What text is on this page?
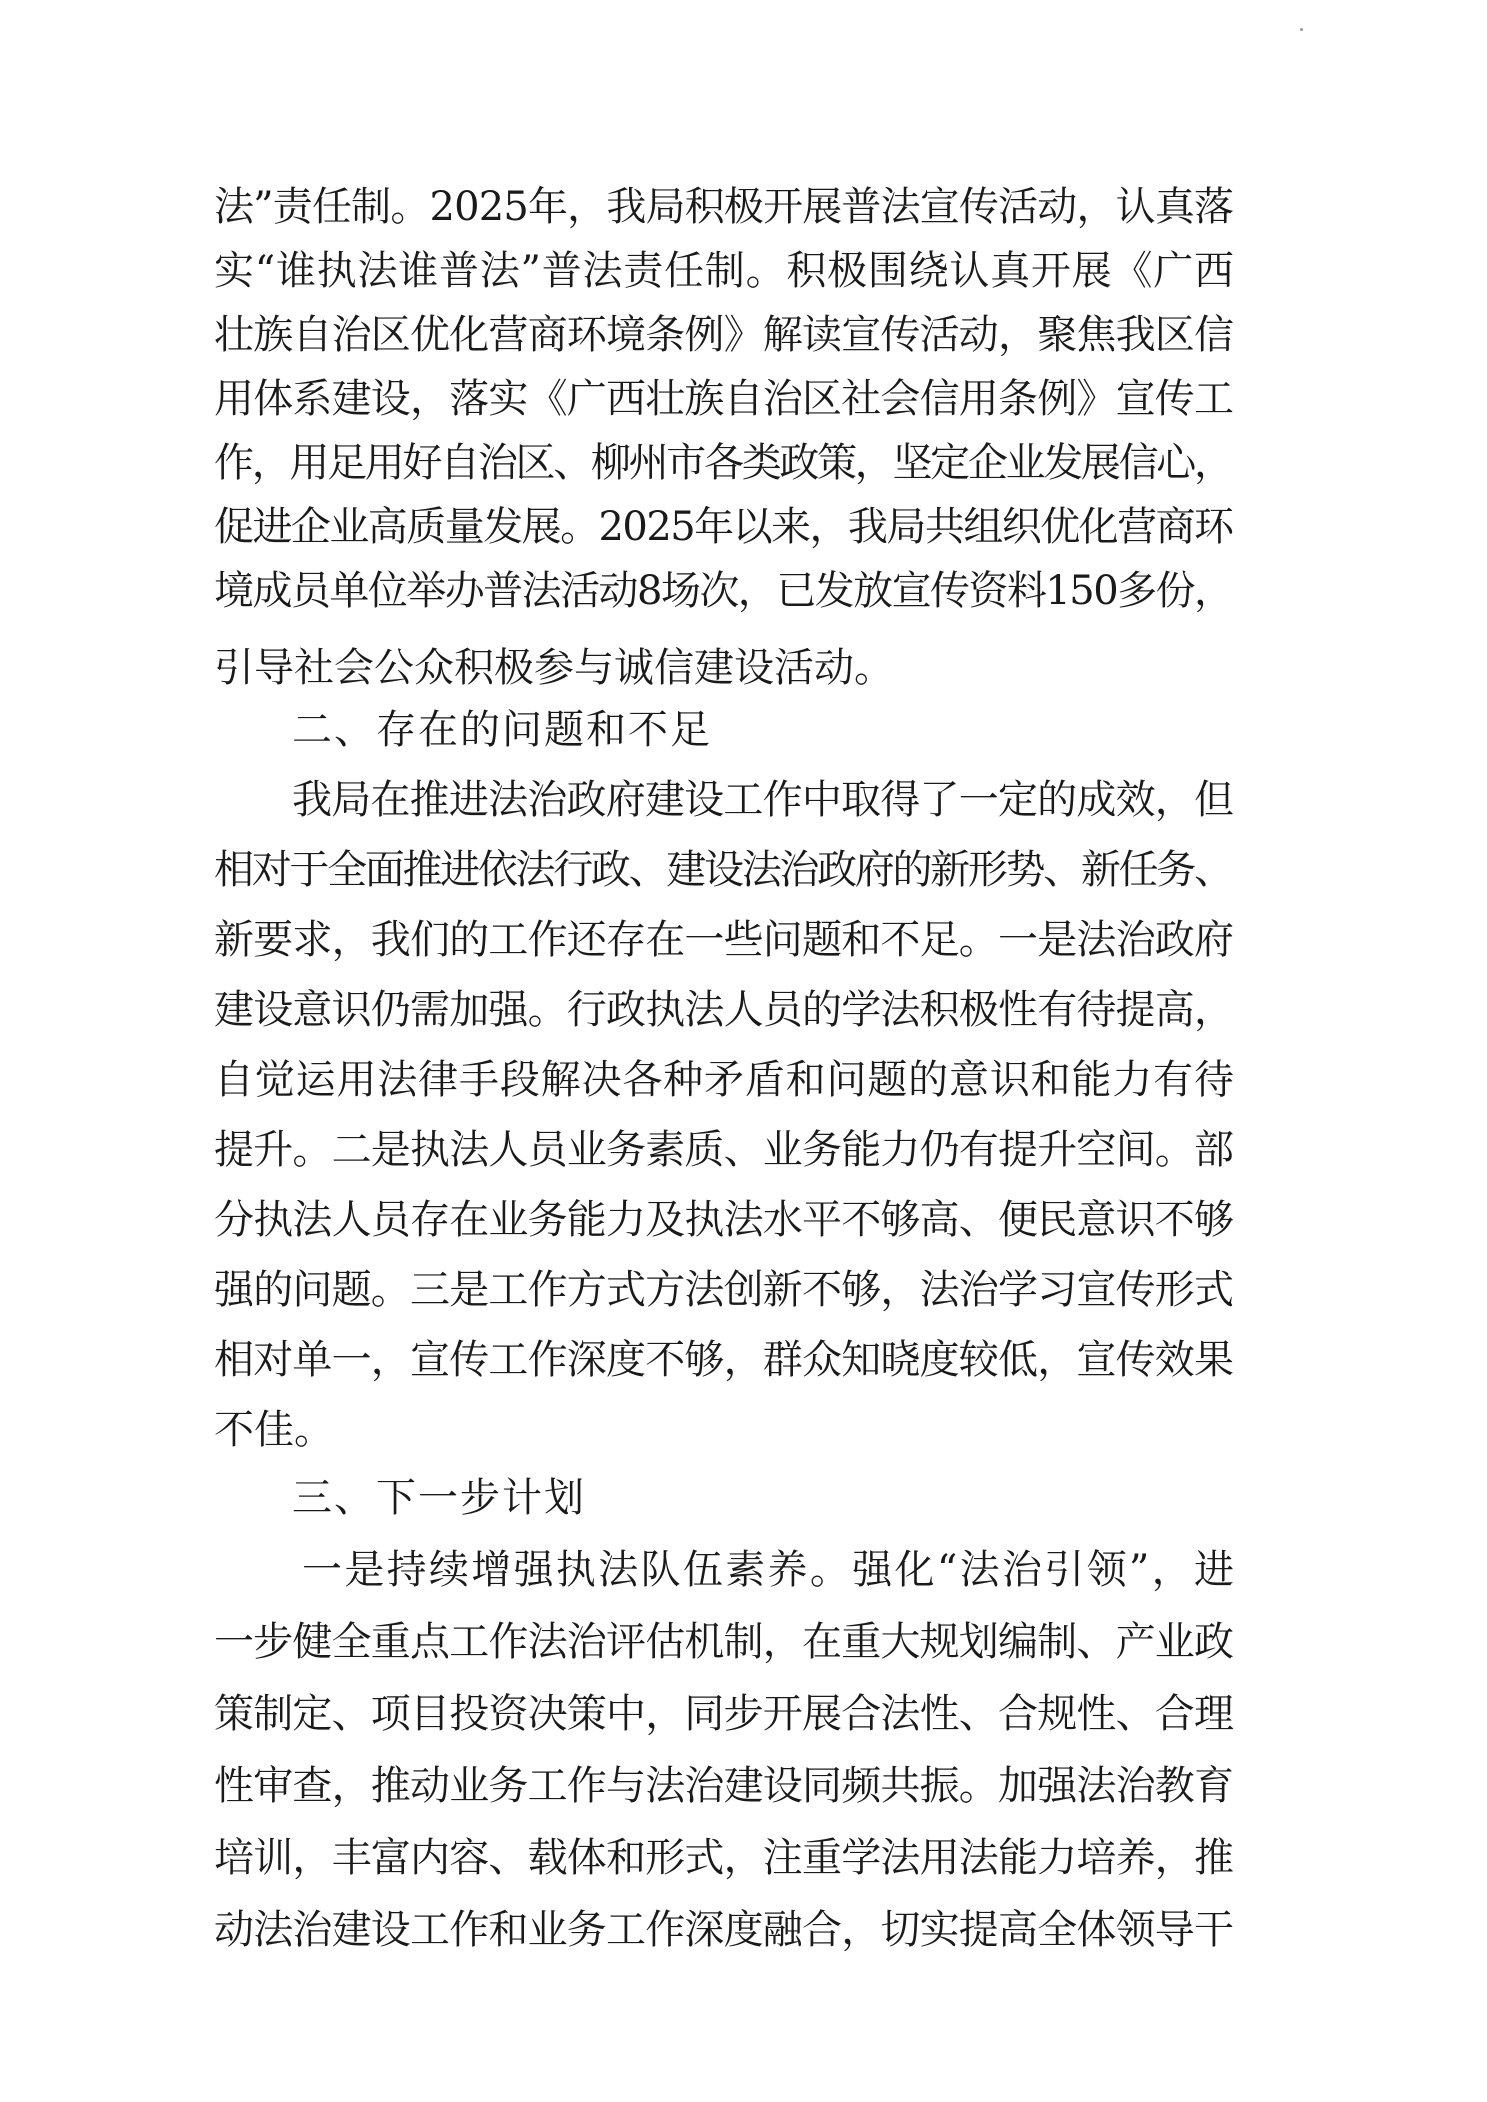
法”责任制。2025年，我局积极开展普法宣传活动，认真落
实“谁执法谁普法”普法责任制。积极围绕认真开展《广西
壮族自治区优化营商环境条例》解读宣传活动，聚焦我区信
用体系建设，落实《广西壮族自治区社会信用条例》宣传工
作，用足用好自治区、柳州市各类政策，坚定企业发展信心，
促进企业高质量发展。2025年以来，我局共组织优化营商环
境成员单位举办普法活动8场次，已发放宣传资料150多份，
引导社会公众积极参与诚信建设活动。
二、存在的问题和不足
我局在推进法治政府建设工作中取得了一定的成效，但
相对于全面推进依法行政、建设法治政府的新形势、新任务、
新要求，我们的工作还存在一些问题和不足。一是法治政府
建设意识仍需加强。行政执法人员的学法积极性有待提高，
自觉运用法律手段解决各种矛盾和问题的意识和能力有待
提升。二是执法人员业务素质、业务能力仍有提升空间。部
分执法人员存在业务能力及执法水平不够高、便民意识不够
强的问题。三是工作方式方法创新不够，法治学习宣传形式
相对单一，宣传工作深度不够，群众知晓度较低，宣传效果
不佳。
三、下一步计划
一是持续增强执法队伍素养。强化“法治引领”，进
一步健全重点工作法治评估机制，在重大规划编制、产业政
策制定、项目投资决策中，同步开展合法性、合规性、合理
性审查，推动业务工作与法治建设同频共振。加强法治教育
培训，丰富内容、载体和形式，注重学法用法能力培养，推
动法治建设工作和业务工作深度融合，切实提高全体领导干
